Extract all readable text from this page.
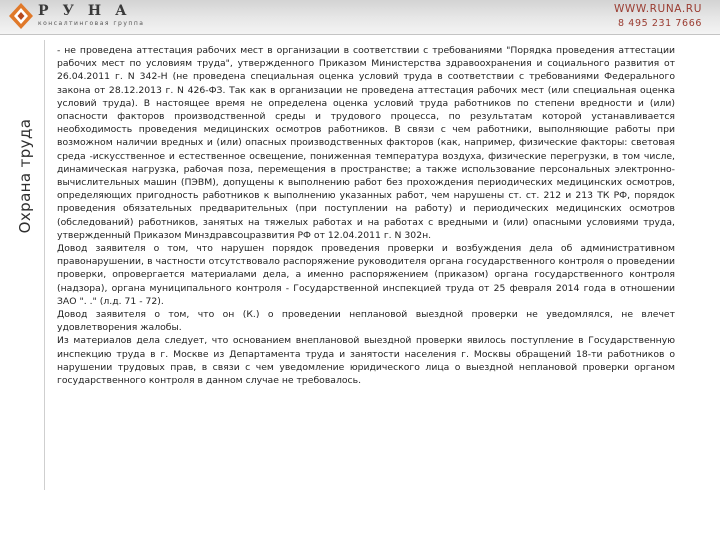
РУНА
консалтинговая группа
WWW.RUNA.RU
8 495 231 7666
Охрана труда

- не проведена аттестация рабочих мест в организации в соответствии с требованиями "Порядка проведения аттестации рабочих мест по условиям труда", утвержденного Приказом Министерства здравоохранения и социального развития от 26.04.2011 г. N 342-Н (не проведена специальная оценка условий труда в соответствии с требованиями Федерального закона от 28.12.2013 г. N 426-ФЗ. Так как в организации не проведена аттестация рабочих мест (или специальная оценка условий труда). В настоящее время не определена оценка условий труда работников по степени вредности и (или) опасности факторов производственной среды и трудового процесса, по результатам которой устанавливается необходимость проведения медицинских осмотров работников. В связи с чем работники, выполняющие работы при возможном наличии вредных и (или) опасных производственных факторов (как, например, физические факторы: световая среда -искусственное и естественное освещение, пониженная температура воздуха, физические перегрузки, в том числе, динамическая нагрузка, рабочая поза, перемещения в пространстве; а также использование персональных электронно-вычислительных машин (ПЭВМ), допущены к выполнению работ без прохождения периодических медицинских осмотров, определяющих пригодность работников к выполнению указанных работ, чем нарушены ст. ст. 212 и 213 ТК РФ, порядок проведения обязательных предварительных (при поступлении на работу) и периодических медицинских осмотров (обследований) работников, занятых на тяжелых работах и на работах с вредными и (или) опасными условиями труда, утвержденный Приказом Минздравсоцразвития РФ от 12.04.2011 г. N 302н.

Довод заявителя о том, что нарушен порядок проведения проверки и возбуждения дела об административном правонарушении, в частности отсутствовало распоряжение руководителя органа государственного контроля о проведении проверки, опровергается материалами дела, а именно распоряжением (приказом) органа государственного контроля (надзора), органа муниципального контроля - Государственной инспекцией труда от 25 февраля 2014 года в отношении ЗАО ". ." (л.д. 71 - 72).

Довод заявителя о том, что он (К.) о проведении неплановой выездной проверки не уведомлялся, не влечет удовлетворения жалобы.

Из материалов дела следует, что основанием внеплановой выездной проверки явилось поступление в Государственную инспекцию труда в г. Москве из Департамента труда и занятости населения г. Москвы обращений 18-ти работников о нарушении трудовых прав, в связи с чем уведомление юридического лица о выездной неплановой проверки органом государственного контроля в данном случае не требовалось.
